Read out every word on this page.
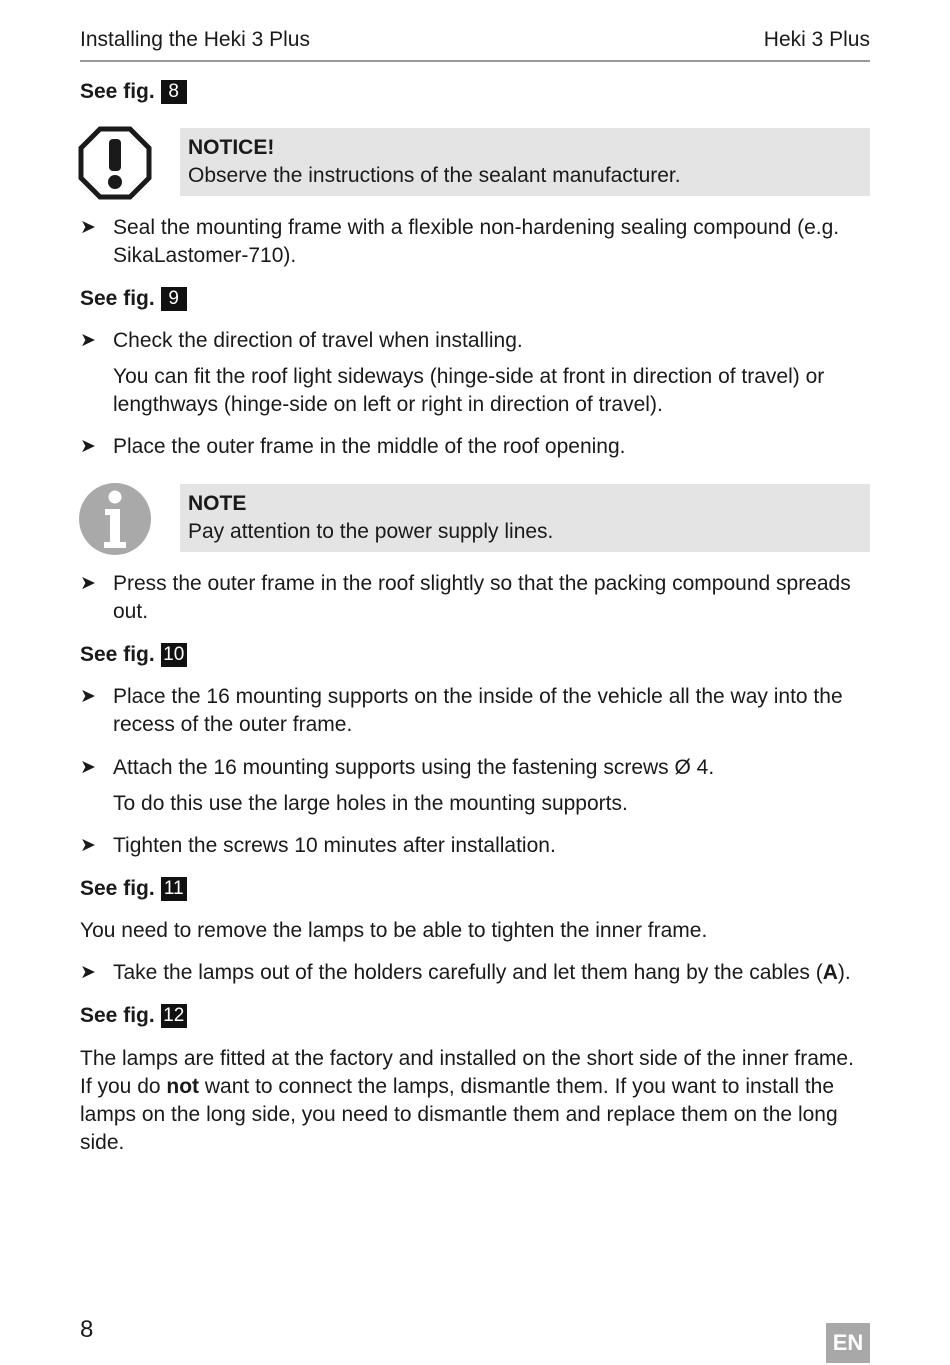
Installing the Heki 3 Plus	Heki 3 Plus
See fig. 8
NOTICE!
Observe the instructions of the sealant manufacturer.
➤ Seal the mounting frame with a flexible non-hardening sealing compound (e.g. SikaLastomer-710).
See fig. 9
➤ Check the direction of travel when installing.
You can fit the roof light sideways (hinge-side at front in direction of travel) or lengthways (hinge-side on left or right in direction of travel).
➤ Place the outer frame in the middle of the roof opening.
NOTE
Pay attention to the power supply lines.
➤ Press the outer frame in the roof slightly so that the packing compound spreads out.
See fig. 10
➤ Place the 16 mounting supports on the inside of the vehicle all the way into the recess of the outer frame.
➤ Attach the 16 mounting supports using the fastening screws Ø 4.
To do this use the large holes in the mounting supports.
➤ Tighten the screws 10 minutes after installation.
See fig. 11
You need to remove the lamps to be able to tighten the inner frame.
➤ Take the lamps out of the holders carefully and let them hang by the cables (A).
See fig. 12
The lamps are fitted at the factory and installed on the short side of the inner frame. If you do not want to connect the lamps, dismantle them. If you want to install the lamps on the long side, you need to dismantle them and replace them on the long side.
8	EN
